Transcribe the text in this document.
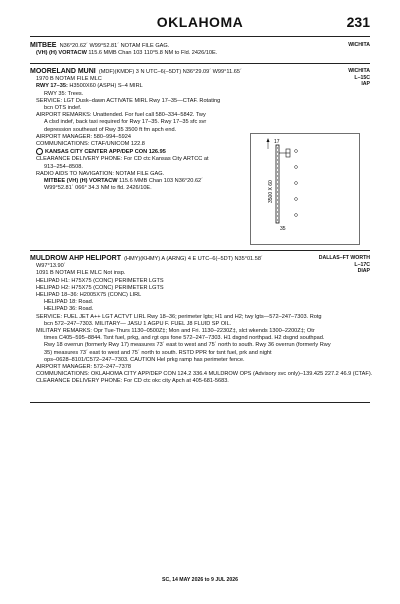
OKLAHOMA	231
WICHITA
MITBEE N36°20.62´ W99°52.81´ NOTAM FILE GAG.
(VH) (H) VORTACW 115.6 MMB Chan 103 110°5.8 NM to Fld. 2426/10E.
WICHITA
L–15C
IAP
MOORELAND MUNI (MDF)(KMDF) 3 N UTC–6(–5DT) N36°29.09´ W99°11.65´
1970 B NOTAM FILE MLC
RWY 17–35: H3500X60 (ASPH) S–4 MIRL
RWY 35: Trees.
SERVICE: LGT Dusk–dawn ACTIVATE MIRL Rwy 17–35—CTAF. Rotating
bcn OTS indef.
AIRPORT REMARKS: Unattended. For fuel call 580–334–5842. Twy
A clsd indef, back taxi required for Rwy 17–35. Rwy 17–35 sfc svr
depression southeast of Rwy 35 3500 ft fm apch end.
AIRPORT MANAGER: 580–994–5924
COMMUNICATIONS: CTAF/UNICOM 122.8
KANSAS CITY CENTER APP/DEP CON 126.95
CLEARANCE DELIVERY PHONE: For CD ctc Kansas City ARTCC at
913–254–8508.
RADIO AIDS TO NAVIGATION: NOTAM FILE GAG.
MITBEE (VH) (H) VORTACW 115.6 MMB Chan 103 N36°20.62´
W99°52.81´ 066° 34.3 NM to fld. 2426/10E.
17
35
3500 X 60
DALLAS–FT WORTH
L–17C
DIAP
MULDROW AHP HELIPORT (HMY)(KHMY) A (ARNG) 4 E UTC–6(–5DT) N35°01.58´
W97°13.90´
1091 B NOTAM FILE MLC Not insp.
HELIPAD H1: H75X75 (CONC) PERIMETER LGTS
HELIPAD H2: H75X75 (CONC) PERIMETER LGTS
HELIPAD 18–36: H2005X75 (CONC) LIRL
HELIPAD 18: Road.
HELIPAD 36: Road.
SERVICE: FUEL JET A++ LGT ACTVT LIRL Rwy 18–36; perimeter lgts; H1 and H2; twy lgts—572–247–7303. Rotg
bcn 572–247–7303. MILITARY— JASU 1 AGPU F. FUEL J8 FLUID SP OIL.
MILITARY REMARKS: Opr Tue-Thurs 1130–0500Z‡; Mon and Fri. 1130–2230Z‡, slct wkends 1300–2200Z‡; Otr
times C405–595–8844. Tsnt fuel, prkg, and rgt ops fone 572–247–7303. H1 dsgnd northpad. H2 dsgnd southpad.
Rwy 18 overrun (formerly Rwy 17) measures 73´ east to west and 75´ north to south. Rwy 36 overrun (formerly Rwy
35) measures 73´ east to west and 75´ north to south. RSTD PPR for tsnt fuel, prk and night
ops–0628–8101/C572–247–7303. CAUTION Hel prkg ramp has perimeter fence.
AIRPORT MANAGER: 572–247–7378
COMMUNICATIONS: OKLAHOMA CITY APP/DEP CON 124.2 336.4 MULDROW OPS (Advisory svc only)–139.425 227.2 46.9 (CTAF).
CLEARANCE DELIVERY PHONE: For CD ctc okc city Apch at 405-681-5683.
SC, 14 MAY 2026 to 9 JUL 2026
